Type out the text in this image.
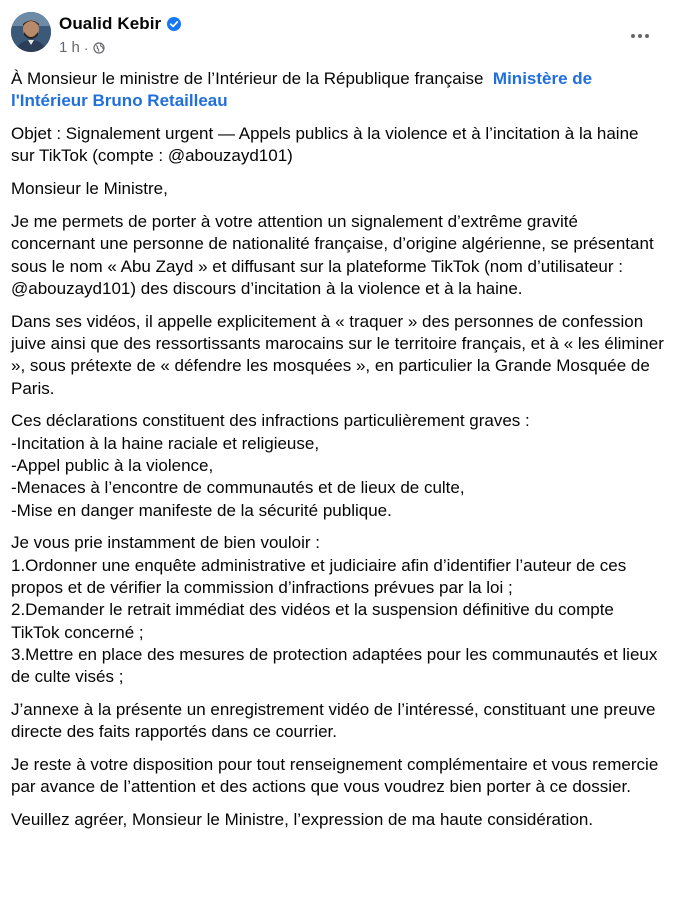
Oualid Kebir
1 h ·

À Monsieur le ministre de l’Intérieur de la République française Ministère de l'Intérieur Bruno Retailleau

Objet : Signalement urgent — Appels publics à la violence et à l’incitation à la haine sur TikTok (compte : @abouzayd101)

Monsieur le Ministre,

Je me permets de porter à votre attention un signalement d’extrême gravité concernant une personne de nationalité française, d’origine algérienne, se présentant sous le nom « Abu Zayd » et diffusant sur la plateforme TikTok (nom d’utilisateur : @abouzayd101) des discours d’incitation à la violence et à la haine.

Dans ses vidéos, il appelle explicitement à « traquer » des personnes de confession juive ainsi que des ressortissants marocains sur le territoire français, et à « les éliminer », sous prétexte de « défendre les mosquées », en particulier la Grande Mosquée de Paris.

Ces déclarations constituent des infractions particulièrement graves :
-Incitation à la haine raciale et religieuse,
-Appel public à la violence,
-Menaces à l’encontre de communautés et de lieux de culte,
-Mise en danger manifeste de la sécurité publique.

Je vous prie instamment de bien vouloir :
1.Ordonner une enquête administrative et judiciaire afin d’identifier l’auteur de ces propos et de vérifier la commission d’infractions prévues par la loi ;
2.Demander le retrait immédiat des vidéos et la suspension définitive du compte TikTok concerné ;
3.Mettre en place des mesures de protection adaptées pour les communautés et lieux de culte visés ;

J’annexe à la présente un enregistrement vidéo de l’intéressé, constituant une preuve directe des faits rapportés dans ce courrier.

Je reste à votre disposition pour tout renseignement complémentaire et vous remercie par avance de l’attention et des actions que vous voudrez bien porter à ce dossier.

Veuillez agréer, Monsieur le Ministre, l’expression de ma haute considération.
